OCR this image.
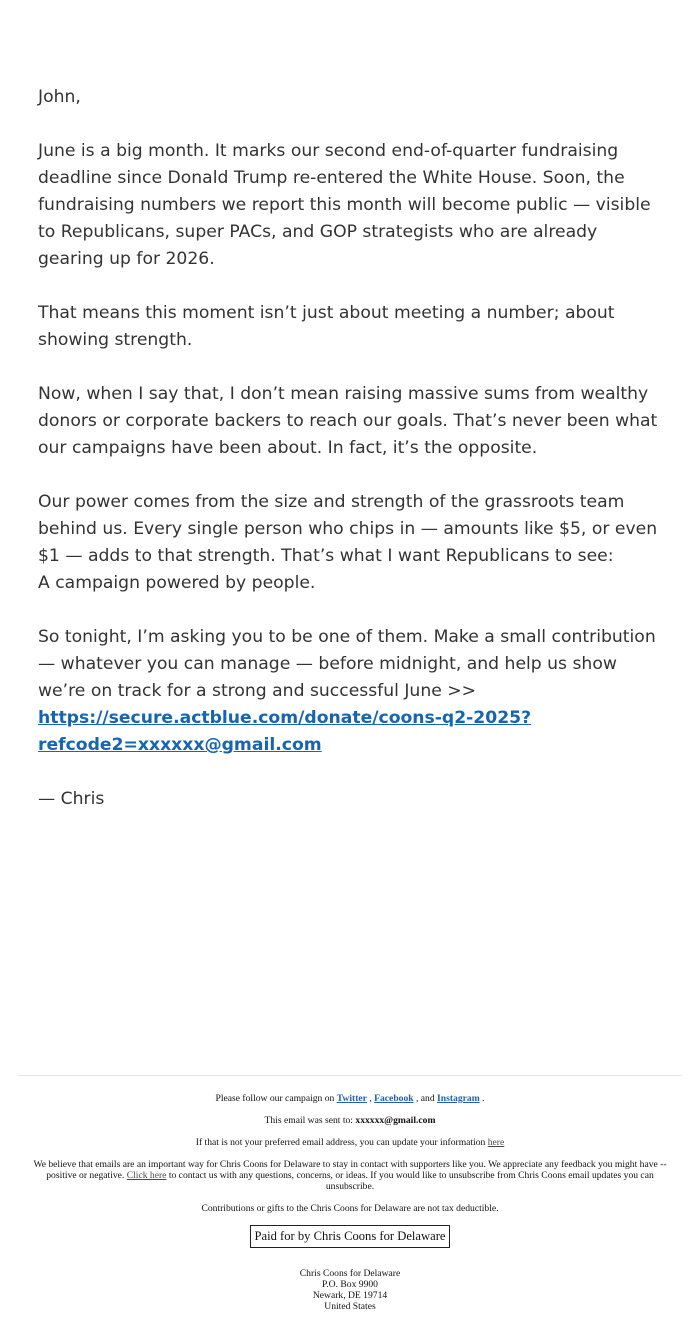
John,

June is a big month. It marks our second end-of-quarter fundraising deadline since Donald Trump re-entered the White House. Soon, the fundraising numbers we report this month will become public — visible to Republicans, super PACs, and GOP strategists who are already gearing up for 2026.

That means this moment isn’t just about meeting a number; about showing strength.

Now, when I say that, I don’t mean raising massive sums from wealthy donors or corporate backers to reach our goals. That’s never been what our campaigns have been about. In fact, it’s the opposite.

Our power comes from the size and strength of the grassroots team behind us. Every single person who chips in — amounts like $5, or even $1 — adds to that strength. That’s what I want Republicans to see:
A campaign powered by people.

So tonight, I’m asking you to be one of them. Make a small contribution — whatever you can manage — before midnight, and help us show we’re on track for a strong and successful June >>
https://secure.actblue.com/donate/coons-q2-2025?
refcode2=xxxxxx@gmail.com

— Chris

Please follow our campaign on Twitter , Facebook , and Instagram .

This email was sent to: xxxxxx@gmail.com

If that is not your preferred email address, you can update your information here

We believe that emails are an important way for Chris Coons for Delaware to stay in contact with supporters like you. We appreciate any feedback you might have -- positive or negative. Click here to contact us with any questions, concerns, or ideas. If you would like to unsubscribe from Chris Coons email updates you can unsubscribe.

Contributions or gifts to the Chris Coons for Delaware are not tax deductible.

Paid for by Chris Coons for Delaware
Chris Coons for Delaware
P.O. Box 9900
Newark, DE 19714
United States
